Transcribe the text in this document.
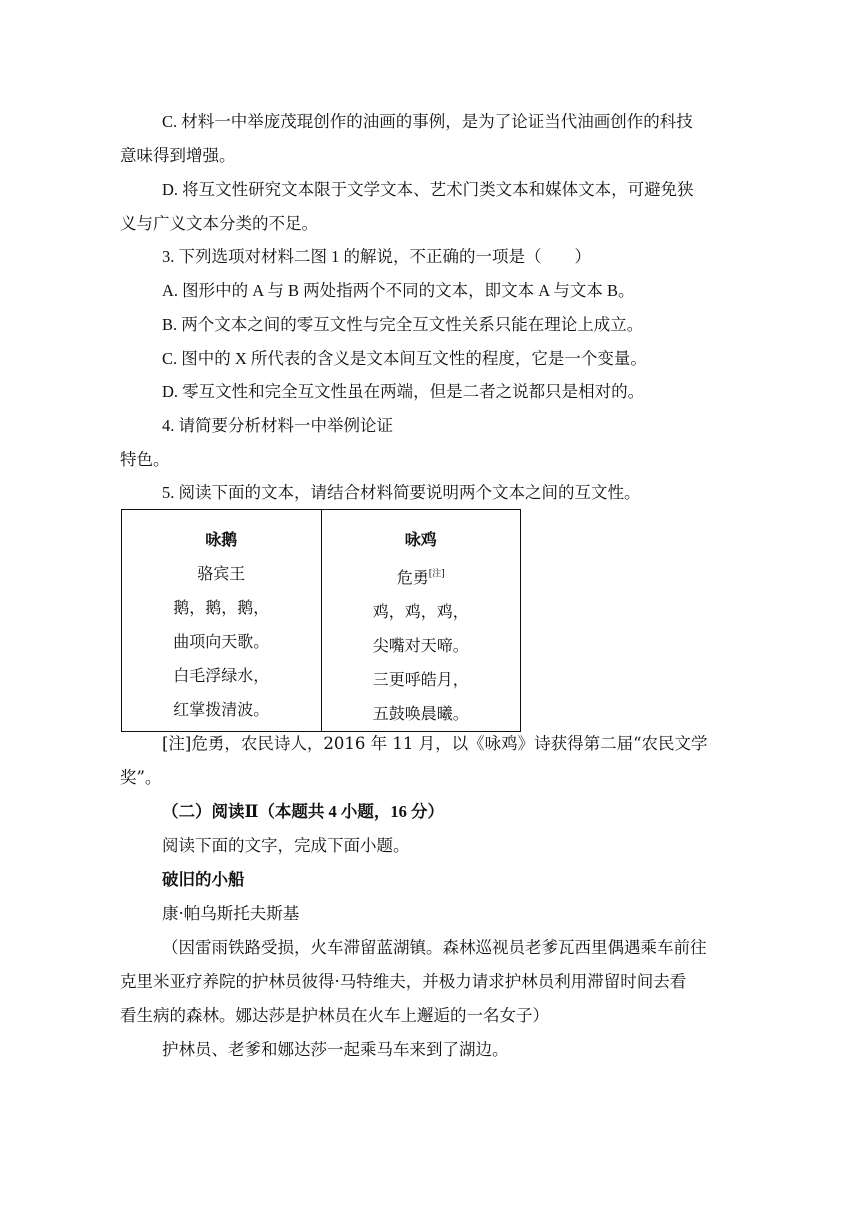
C. 材料一中举庞茂琨创作的油画的事例，是为了论证当代油画创作的科技
意味得到增强。
D. 将互文性研究文本限于文学文本、艺术门类文本和媒体文本，可避免狭
义与广义文本分类的不足。
3. 下列选项对材料二图 1 的解说，不正确的一项是（　　）
A. 图形中的 A 与 B 两处指两个不同的文本，即文本 A 与文本 B。
B. 两个文本之间的零互文性与完全互文性关系只能在理论上成立。
C. 图中的 X 所代表的含义是文本间互文性的程度，它是一个变量。
D. 零互文性和完全互文性虽在两端，但是二者之说都只是相对的。
4. 请简要分析材料一中举例论证
特色。
5. 阅读下面的文本，请结合材料简要说明两个文本之间的互文性。
咏鹅
骆宾王
鹅，鹅，鹅，
曲项向天歌。
白毛浮绿水，
红掌拨清波。

咏鸡
危勇[注]
鸡，鸡，鸡，
尖嘴对天啼。
三更呼皓月，
五鼓唤晨曦。
[注]危勇，农民诗人，2016 年 11 月，以《咏鸡》诗获得第二届“农民文学
奖”。
（二）阅读Ⅱ（本题共 4 小题，16 分）
阅读下面的文字，完成下面小题。
破旧的小船
康·帕乌斯托夫斯基
（因雷雨铁路受损，火车滞留蓝湖镇。森林巡视员老爹瓦西里偶遇乘车前往
克里米亚疗养院的护林员彼得·马特维夫，并极力请求护林员利用滞留时间去看
看生病的森林。娜达莎是护林员在火车上邂逅的一名女子）
护林员、老爹和娜达莎一起乘马车来到了湖边。
